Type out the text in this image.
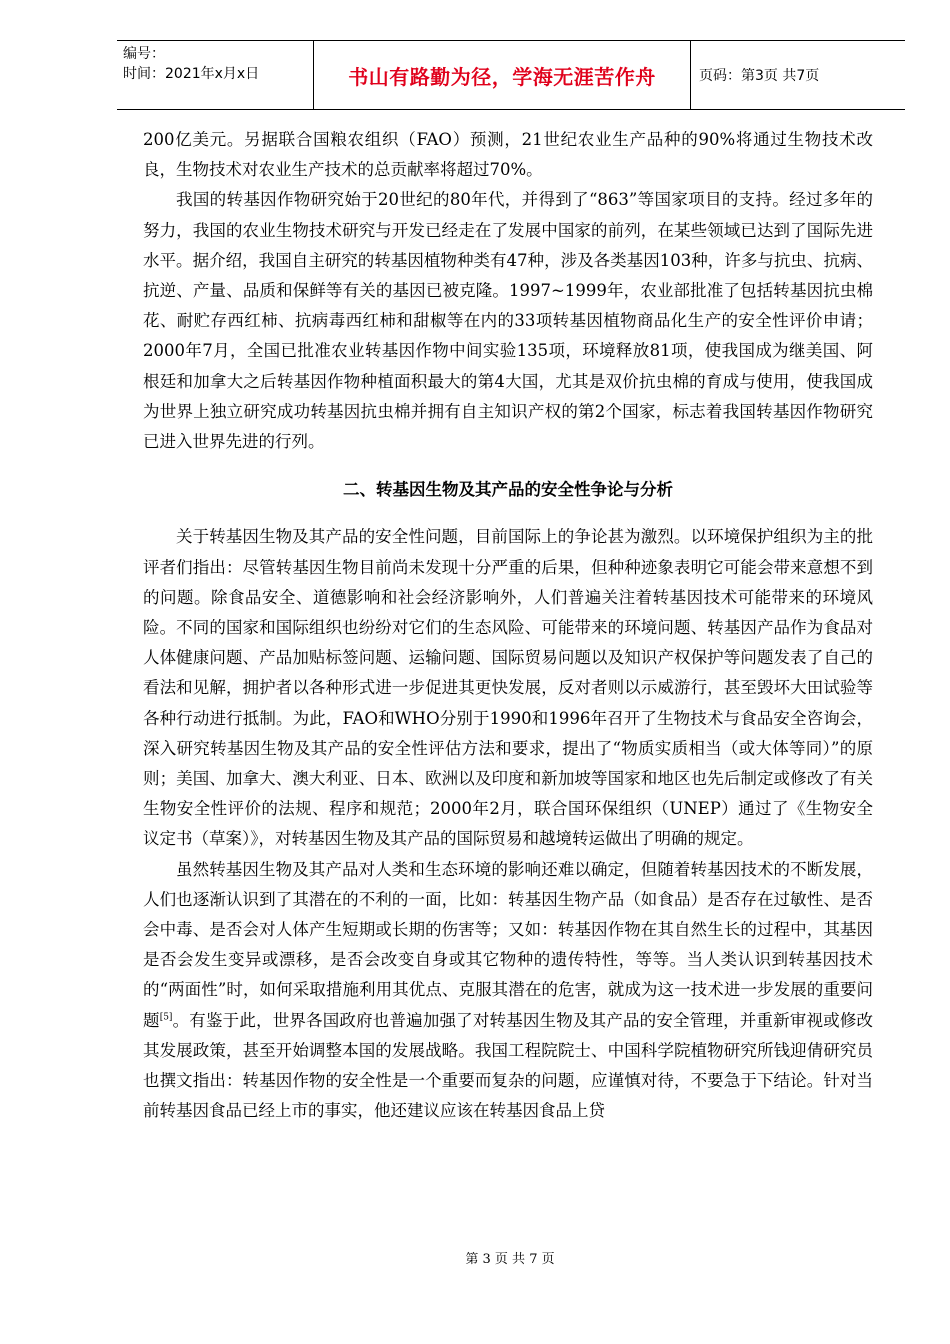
编号：
时间：2021年x月x日	书山有路勤为径，学海无涯苦作舟	页码：第3页 共7页

200亿美元。另据联合国粮农组织（FAO）预测，21世纪农业生产品种的90%将通过生物技术改良，生物技术对农业生产技术的总贡献率将超过70%。

我国的转基因作物研究始于20世纪的80年代，并得到了“863”等国家项目的支持。经过多年的努力，我国的农业生物技术研究与开发已经走在了发展中国家的前列，在某些领域已达到了国际先进水平。据介绍，我国自主研究的转基因植物种类有47种，涉及各类基因103种，许多与抗虫、抗病、抗逆、产量、品质和保鲜等有关的基因已被克隆。1997~1999年，农业部批准了包括转基因抗虫棉花、耐贮存西红柿、抗病毒西红柿和甜椒等在内的33项转基因植物商品化生产的安全性评价申请；2000年7月，全国已批准农业转基因作物中间实验135项，环境释放81项，使我国成为继美国、阿根廷和加拿大之后转基因作物种植面积最大的第4大国，尤其是双价抗虫棉的育成与使用，使我国成为世界上独立研究成功转基因抗虫棉并拥有自主知识产权的第2个国家，标志着我国转基因作物研究已进入世界先进的行列。

二、转基因生物及其产品的安全性争论与分析

关于转基因生物及其产品的安全性问题，目前国际上的争论甚为激烈。以环境保护组织为主的批评者们指出：尽管转基因生物目前尚未发现十分严重的后果，但种种迹象表明它可能会带来意想不到的问题。除食品安全、道德影响和社会经济影响外，人们普遍关注着转基因技术可能带来的环境风险。不同的国家和国际组织也纷纷对它们的生态风险、可能带来的环境问题、转基因产品作为食品对人体健康问题、产品加贴标签问题、运输问题、国际贸易问题以及知识产权保护等问题发表了自己的看法和见解，拥护者以各种形式进一步促进其更快发展，反对者则以示威游行，甚至毁坏大田试验等各种行动进行抵制。为此，FAO和WHO分别于1990和1996年召开了生物技术与食品安全咨询会，深入研究转基因生物及其产品的安全性评估方法和要求，提出了“物质实质相当（或大体等同）”的原则；美国、加拿大、澳大利亚、日本、欧洲以及印度和新加坡等国家和地区也先后制定或修改了有关生物安全性评价的法规、程序和规范；2000年2月，联合国环保组织（UNEP）通过了《生物安全议定书（草案）》，对转基因生物及其产品的国际贸易和越境转运做出了明确的规定。

虽然转基因生物及其产品对人类和生态环境的影响还难以确定，但随着转基因技术的不断发展，人们也逐渐认识到了其潜在的不利的一面，比如：转基因生物产品（如食品）是否存在过敏性、是否会中毒、是否会对人体产生短期或长期的伤害等；又如：转基因作物在其自然生长的过程中，其基因是否会发生变异或漂移，是否会改变自身或其它物种的遗传特性，等等。当人类认识到转基因技术的“两面性”时，如何采取措施利用其优点、克服其潜在的危害，就成为这一技术进一步发展的重要问题[5]。有鉴于此，世界各国政府也普遍加强了对转基因生物及其产品的安全管理，并重新审视或修改其发展政策，甚至开始调整本国的发展战略。我国工程院院士、中国科学院植物研究所钱迎倩研究员也撰文指出：转基因作物的安全性是一个重要而复杂的问题，应谨慎对待，不要急于下结论。针对当前转基因食品已经上市的事实，他还建议应该在转基因食品上贷

第 3 页 共 7 页
